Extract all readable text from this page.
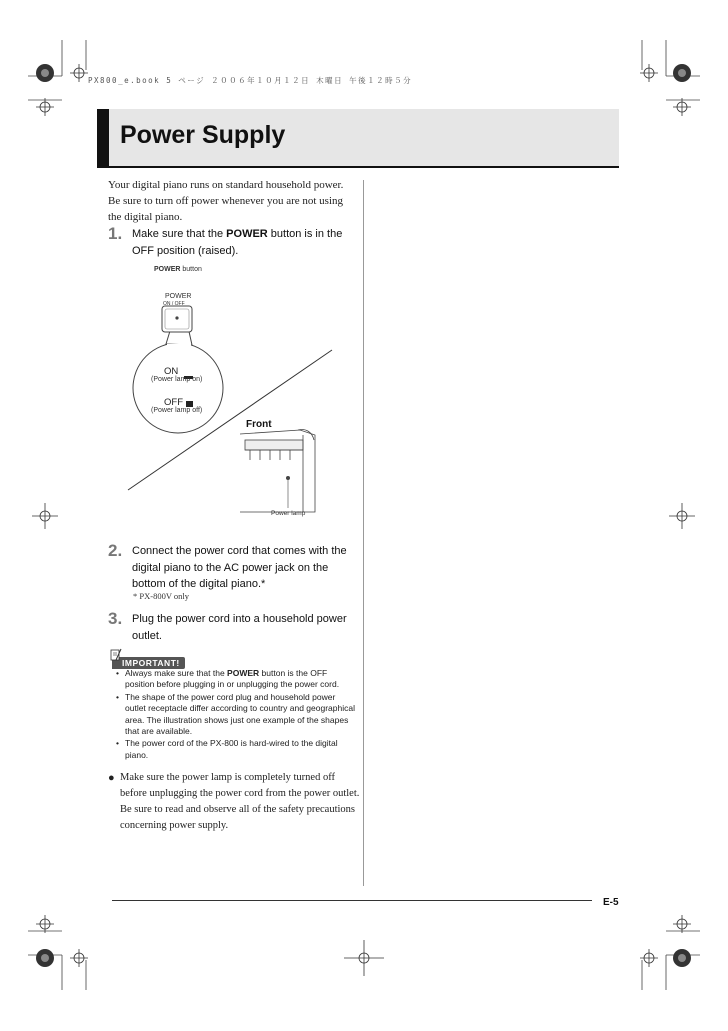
PX800_e.book 5 ページ ２００６年１０月１２日 木曜日 午後１２時５分
Power Supply
Your digital piano runs on standard household power. Be sure to turn off power whenever you are not using the digital piano.
1. Make sure that the POWER button is in the OFF position (raised).
POWER button
POWER
ON / OFF
ON
(Power lamp on)
OFF
(Power lamp off)
Front
Power lamp
2. Connect the power cord that comes with the digital piano to the AC power jack on the bottom of the digital piano.*
* PX-800V only
3. Plug the power cord into a household power outlet.
IMPORTANT!
• Always make sure that the POWER button is the OFF position before plugging in or unplugging the power cord.
• The shape of the power cord plug and household power outlet receptacle differ according to country and geographical area. The illustration shows just one example of the shapes that are available.
• The power cord of the PX-800 is hard-wired to the digital piano.
● Make sure the power lamp is completely turned off before unplugging the power cord from the power outlet. Be sure to read and observe all of the safety precautions concerning power supply.
E-5
